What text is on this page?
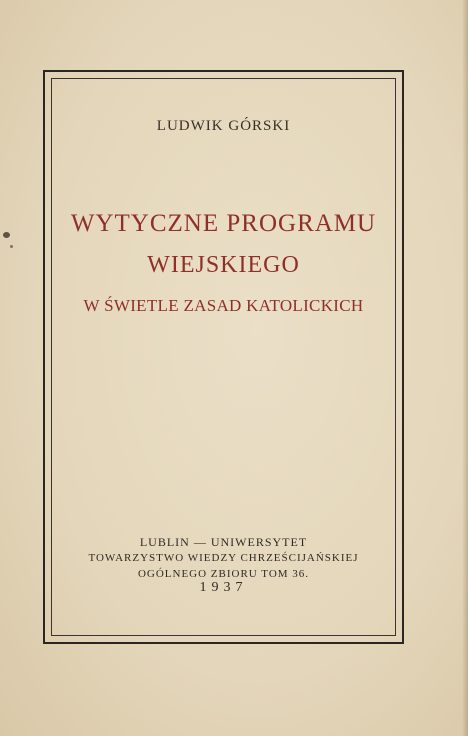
LUDWIK GÓRSKI
WYTYCZNE PROGRAMU
WIEJSKIEGO
W ŚWIETLE ZASAD KATOLICKICH
LUBLIN — UNIWERSYTET
TOWARZYSTWO WIEDZY CHRZEŚCIJAŃSKIEJ
OGÓLNEGO ZBIORU TOM 36.
1937
